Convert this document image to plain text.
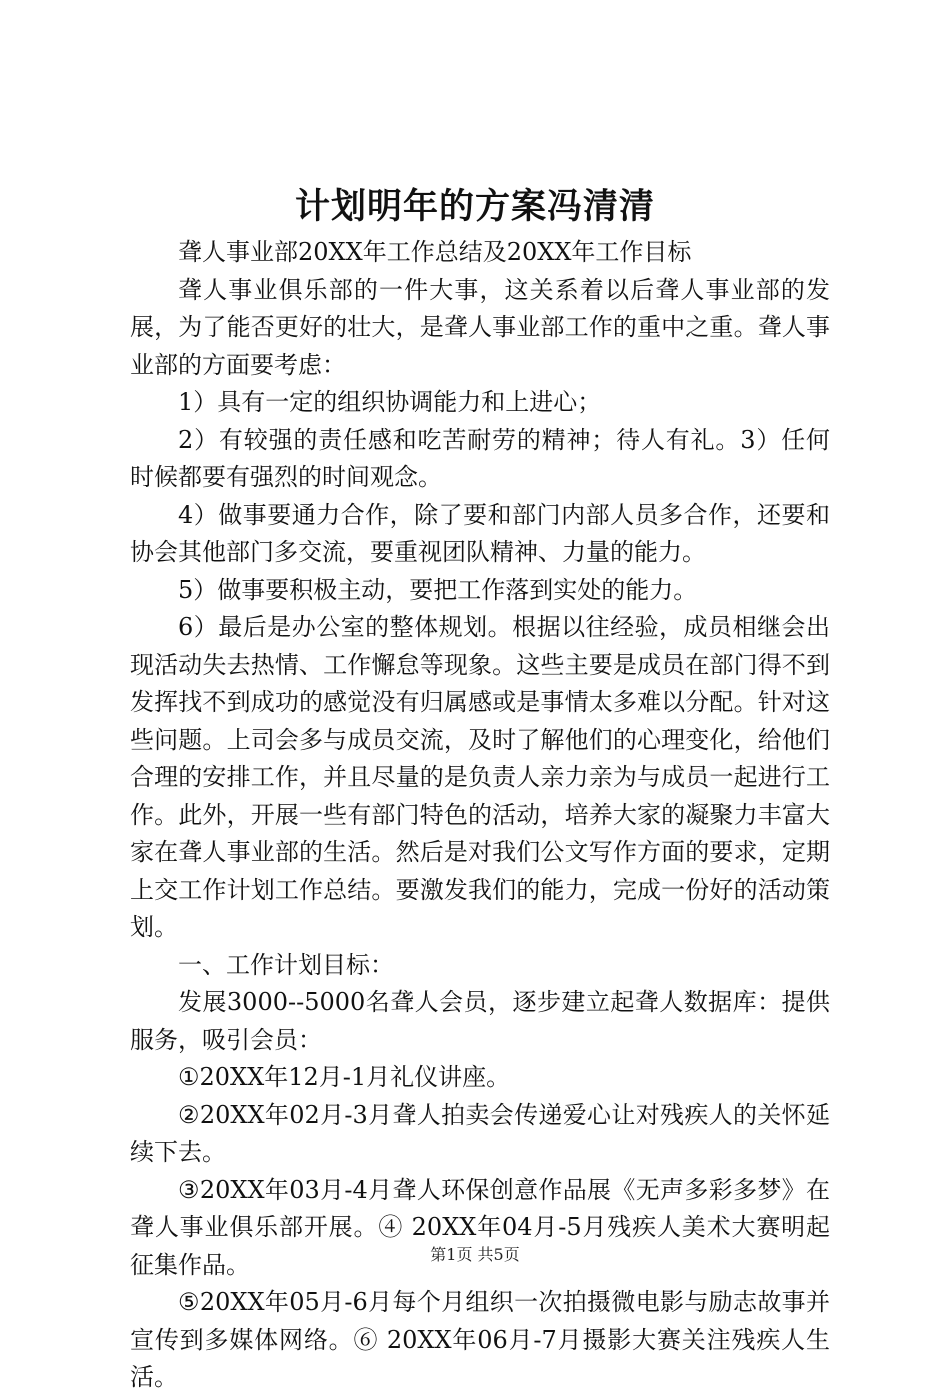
计划明年的方案冯清清

聋人事业部20XX年工作总结及20XX年工作目标

聋人事业俱乐部的一件大事，这关系着以后聋人事业部的发展，为了能否更好的壮大，是聋人事业部工作的重中之重。聋人事业部的方面要考虑：

1）具有一定的组织协调能力和上进心；

2）有较强的责任感和吃苦耐劳的精神；待人有礼。3）任何时候都要有强烈的时间观念。

4）做事要通力合作，除了要和部门内部人员多合作，还要和协会其他部门多交流，要重视团队精神、力量的能力。

5）做事要积极主动，要把工作落到实处的能力。

6）最后是办公室的整体规划。根据以往经验，成员相继会出现活动失去热情、工作懈怠等现象。这些主要是成员在部门得不到发挥找不到成功的感觉没有归属感或是事情太多难以分配。针对这些问题。上司会多与成员交流，及时了解他们的心理变化，给他们合理的安排工作，并且尽量的是负责人亲力亲为与成员一起进行工作。此外，开展一些有部门特色的活动，培养大家的凝聚力丰富大家在聋人事业部的生活。然后是对我们公文写作方面的要求，定期上交工作计划工作总结。要激发我们的能力，完成一份好的活动策划。

一、工作计划目标：

发展3000--5000名聋人会员，逐步建立起聋人数据库：提供服务，吸引会员：

①20XX年12月-1月礼仪讲座。

②20XX年02月-3月聋人拍卖会传递爱心让对残疾人的关怀延续下去。

③20XX年03月-4月聋人环保创意作品展《无声多彩多梦》在聋人事业俱乐部开展。④ 20XX年04月-5月残疾人美术大赛明起征集作品。

⑤20XX年05月-6月每个月组织一次拍摄微电影与励志故事并宣传到多媒体网络。⑥ 20XX年06月-7月摄影大赛关注残疾人生活。

第1页 共5页
